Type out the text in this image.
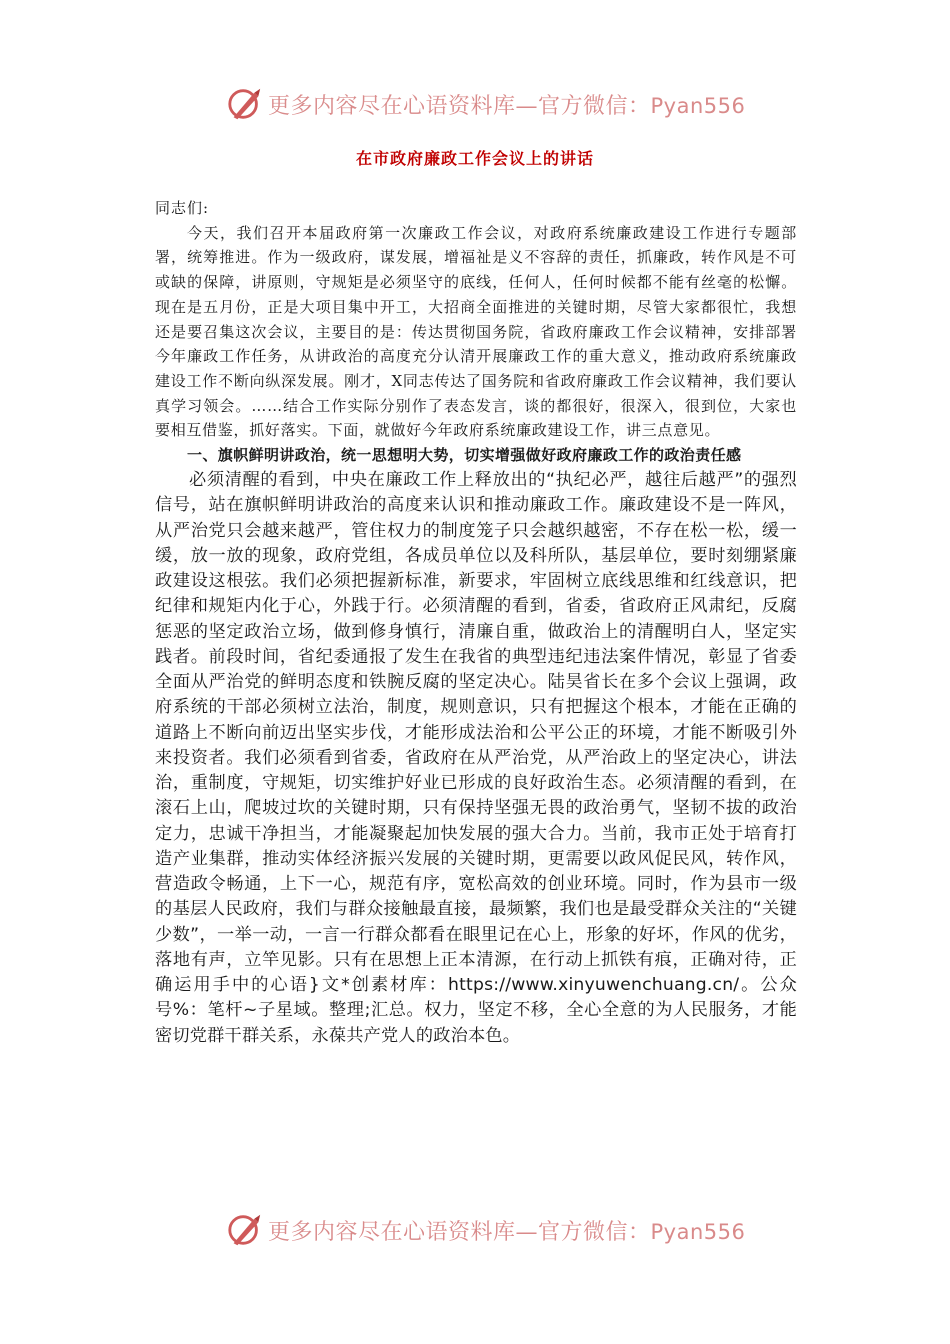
更多内容尽在心语资料库—官方微信：Pyan556
在市政府廉政工作会议上的讲话

同志们:

今天，我们召开本届政府第一次廉政工作会议，对政府系统廉政建设工作进行专题部署，统筹推进。作为一级政府，谋发展，增福祉是义不容辞的责任，抓廉政，转作风是不可或缺的保障，讲原则，守规矩是必须坚守的底线，任何人，任何时候都不能有丝毫的松懈。现在是五月份，正是大项目集中开工，大招商全面推进的关键时期，尽管大家都很忙，我想还是要召集这次会议，主要目的是：传达贯彻国务院，省政府廉政工作会议精神，安排部署今年廉政工作任务，从讲政治的高度充分认清开展廉政工作的重大意义，推动政府系统廉政建设工作不断向纵深发展。刚才，X同志传达了国务院和省政府廉政工作会议精神，我们要认真学习领会。……结合工作实际分别作了表态发言，谈的都很好，很深入，很到位，大家也要相互借鉴，抓好落实。下面，就做好今年政府系统廉政建设工作，讲三点意见。

一、旗帜鲜明讲政治，统一思想明大势，切实增强做好政府廉政工作的政治责任感

必须清醒的看到，中央在廉政工作上释放出的“执纪必严，越往后越严”的强烈信号，站在旗帜鲜明讲政治的高度来认识和推动廉政工作。廉政建设不是一阵风，从严治党只会越来越严，管住权力的制度笼子只会越织越密，不存在松一松，缓一缓，放一放的现象，政府党组，各成员单位以及科所队，基层单位，要时刻绷紧廉政建设这根弦。我们必须把握新标准，新要求，牢固树立底线思维和红线意识，把纪律和规矩内化于心，外践于行。必须清醒的看到，省委，省政府正风肃纪，反腐惩恶的坚定政治立场，做到修身慎行，清廉自重，做政治上的清醒明白人，坚定实践者。前段时间，省纪委通报了发生在我省的典型违纪违法案件情况，彰显了省委全面从严治党的鲜明态度和铁腕反腐的坚定决心。陆昊省长在多个会议上强调，政府系统的干部必须树立法治，制度，规则意识，只有把握这个根本，才能在正确的道路上不断向前迈出坚实步伐，才能形成法治和公平公正的环境，才能不断吸引外来投资者。我们必须看到省委，省政府在从严治党，从严治政上的坚定决心，讲法治，重制度，守规矩，切实维护好业已形成的良好政治生态。必须清醒的看到，在滚石上山，爬坡过坎的关键时期，只有保持坚强无畏的政治勇气，坚韧不拔的政治定力，忠诚干净担当，才能凝聚起加快发展的强大合力。当前，我市正处于培育打造产业集群，推动实体经济振兴发展的关键时期，更需要以政风促民风，转作风，营造政令畅通，上下一心，规范有序，宽松高效的创业环境。同时，作为县市一级的基层人民政府，我们与群众接触最直接，最频繁，我们也是最受群众关注的“关键少数”，一举一动，一言一行群众都看在眼里记在心上，形象的好坏，作风的优劣，落地有声，立竿见影。只有在思想上正本清源，在行动上抓铁有痕，正确对待，正确运用手中的心语}文*创素材库：https://www.xinyuwenchuang.cn/。公众号%：笔杆~子星域。整理;汇总。权力，坚定不移，全心全意的为人民服务，才能密切党群干群关系，永葆共产党人的政治本色。

更多内容尽在心语资料库—官方微信：Pyan556
